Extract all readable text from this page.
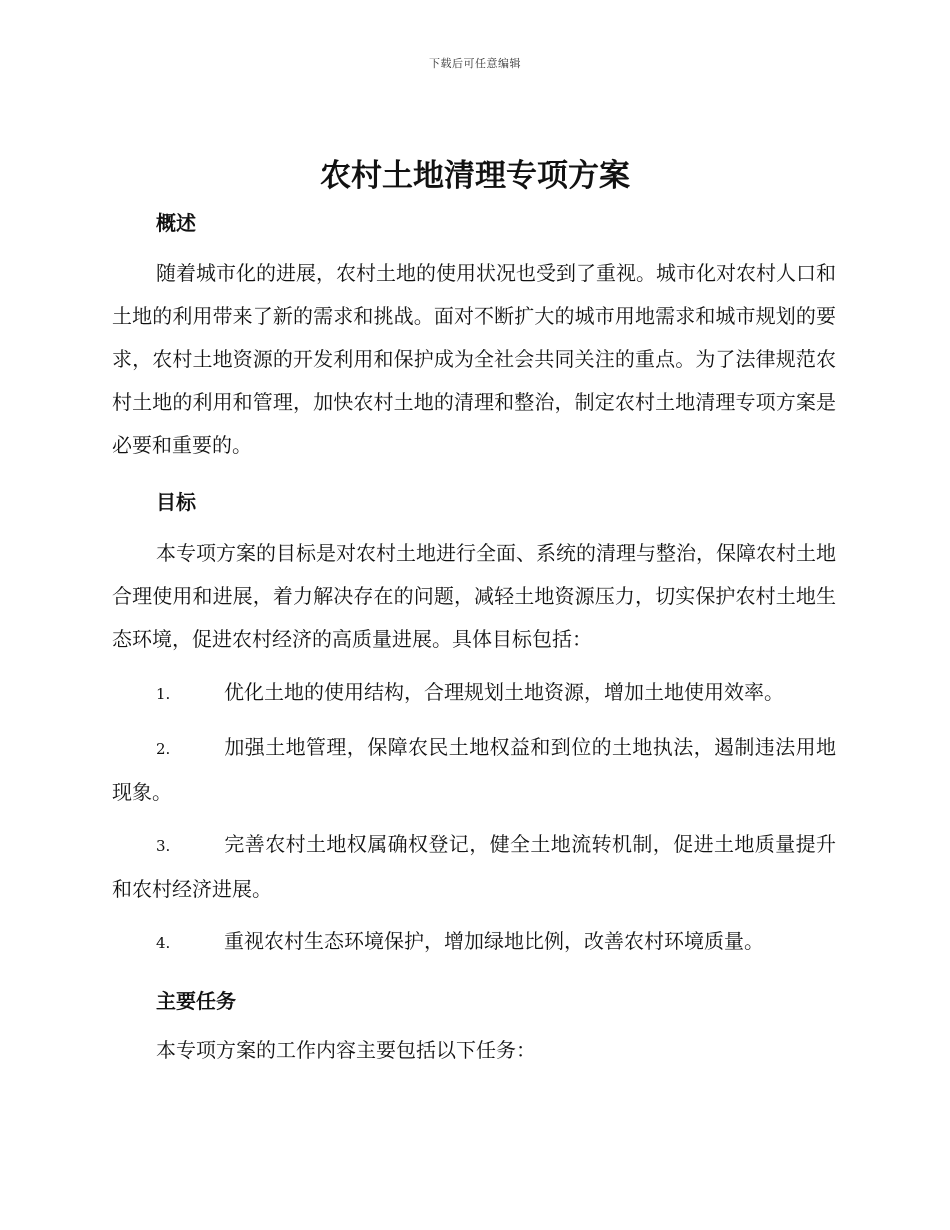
下载后可任意编辑
农村土地清理专项方案
概述

随着城市化的进展，农村土地的使用状况也受到了重视。城市化对农村人口和土地的利用带来了新的需求和挑战。面对不断扩大的城市用地需求和城市规划的要求，农村土地资源的开发利用和保护成为全社会共同关注的重点。为了法律规范农村土地的利用和管理，加快农村土地的清理和整治，制定农村土地清理专项方案是必要和重要的。

目标

本专项方案的目标是对农村土地进行全面、系统的清理与整治，保障农村土地合理使用和进展，着力解决存在的问题，减轻土地资源压力，切实保护农村土地生态环境，促进农村经济的高质量进展。具体目标包括：

1.	优化土地的使用结构，合理规划土地资源，增加土地使用效率。

2.	加强土地管理，保障农民土地权益和到位的土地执法，遏制违法用地现象。

3.	完善农村土地权属确权登记，健全土地流转机制，促进土地质量提升和农村经济进展。

4.	重视农村生态环境保护，增加绿地比例，改善农村环境质量。

主要任务

本专项方案的工作内容主要包括以下任务：
